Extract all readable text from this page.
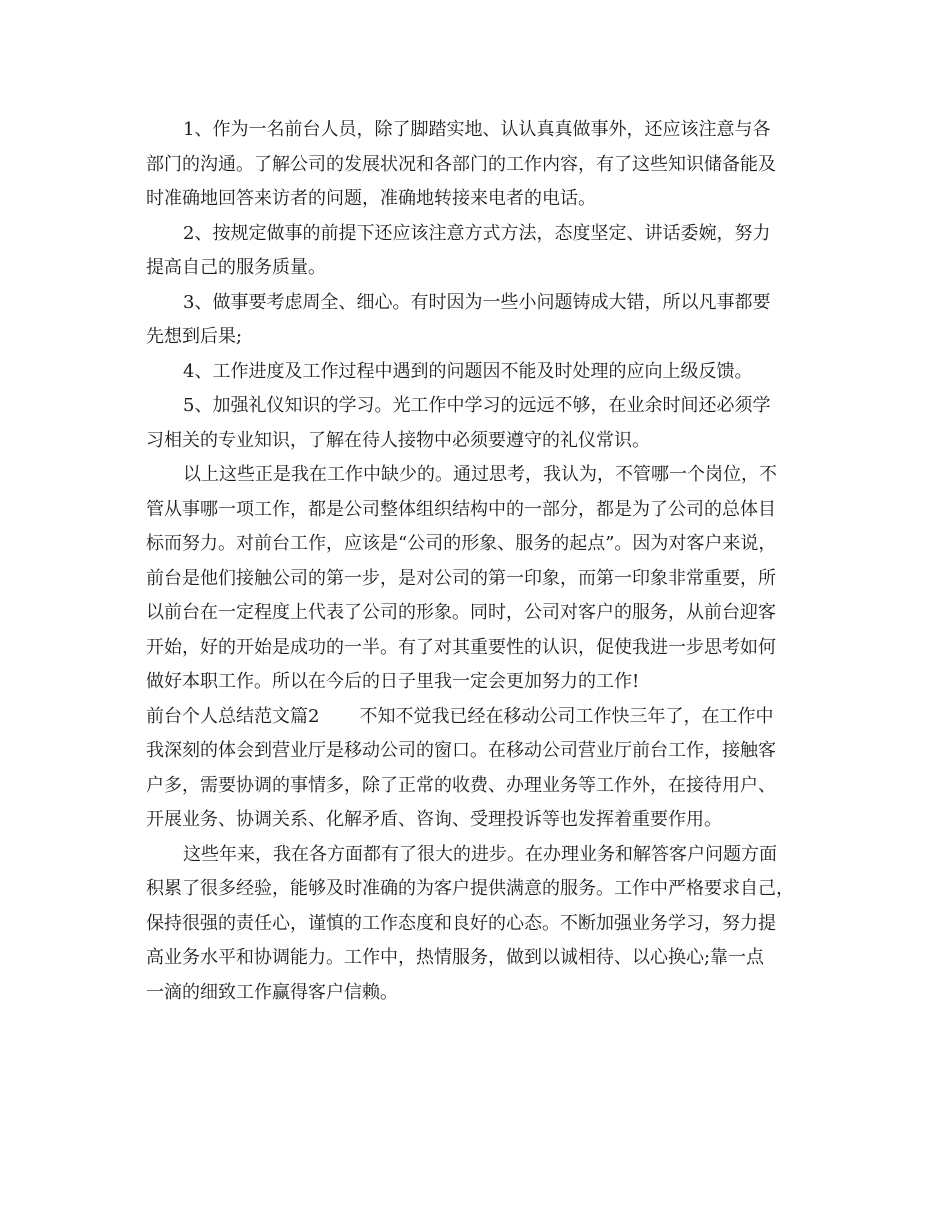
1、作为一名前台人员，除了脚踏实地、认认真真做事外，还应该注意与各
部门的沟通。了解公司的发展状况和各部门的工作内容，有了这些知识储备能及
时准确地回答来访者的问题，准确地转接来电者的电话。
2、按规定做事的前提下还应该注意方式方法，态度坚定、讲话委婉，努力
提高自己的服务质量。
3、做事要考虑周全、细心。有时因为一些小问题铸成大错，所以凡事都要
先想到后果;
4、工作进度及工作过程中遇到的问题因不能及时处理的应向上级反馈。
5、加强礼仪知识的学习。光工作中学习的远远不够，在业余时间还必须学
习相关的专业知识，了解在待人接物中必须要遵守的礼仪常识。
以上这些正是我在工作中缺少的。通过思考，我认为，不管哪一个岗位，不
管从事哪一项工作，都是公司整体组织结构中的一部分，都是为了公司的总体目
标而努力。对前台工作，应该是“公司的形象、服务的起点”。因为对客户来说，
前台是他们接触公司的第一步，是对公司的第一印象，而第一印象非常重要，所
以前台在一定程度上代表了公司的形象。同时，公司对客户的服务，从前台迎客
开始，好的开始是成功的一半。有了对其重要性的认识，促使我进一步思考如何
做好本职工作。所以在今后的日子里我一定会更加努力的工作!
前台个人总结范文篇2 不知不觉我已经在移动公司工作快三年了，在工作中
我深刻的体会到营业厅是移动公司的窗口。在移动公司营业厅前台工作，接触客
户多，需要协调的事情多，除了正常的收费、办理业务等工作外，在接待用户、
开展业务、协调关系、化解矛盾、咨询、受理投诉等也发挥着重要作用。
这些年来，我在各方面都有了很大的进步。在办理业务和解答客户问题方面
积累了很多经验，能够及时准确的为客户提供满意的服务。工作中严格要求自己，
保持很强的责任心，谨慎的工作态度和良好的心态。不断加强业务学习，努力提
高业务水平和协调能力。工作中，热情服务，做到以诚相待、以心换心;靠一点
一滴的细致工作赢得客户信赖。
